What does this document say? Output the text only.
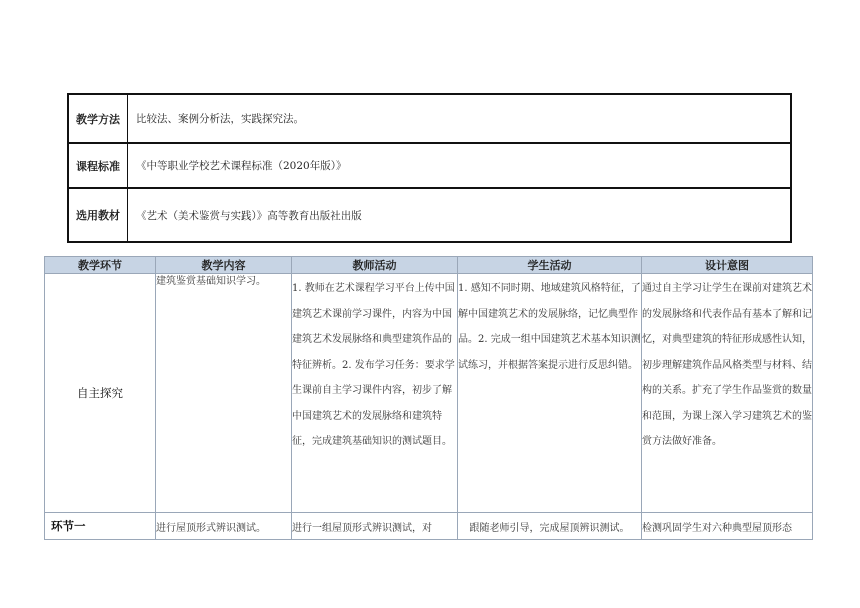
教学方法	比较法、案例分析法，实践探究法。
课程标准	《中等职业学校艺术课程标准（2020年版）》
选用教材	《艺术（美术鉴赏与实践）》高等教育出版社出版
教学环节	教学内容	教师活动	学生活动	设计意图
自主探究	建筑鉴赏基础知识学习。	1. 教师在艺术课程学习平台上传中国建筑艺术课前学习课件，内容为中国建筑艺术发展脉络和典型建筑作品的特征辨析。2. 发布学习任务：要求学生课前自主学习课件内容，初步了解中国建筑艺术的发展脉络和建筑特征，完成建筑基础知识的测试题目。	1. 感知不同时期、地域建筑风格特征，了解中国建筑艺术的发展脉络，记忆典型作品。2. 完成一组中国建筑艺术基本知识测试练习，并根据答案提示进行反思纠错。	通过自主学习让学生在课前对建筑艺术的发展脉络和代表作品有基本了解和记忆，对典型建筑的特征形成感性认知，初步理解建筑作品风格类型与材料、结构的关系。扩充了学生作品鉴赏的数量和范围，为课上深入学习建筑艺术的鉴赏方法做好准备。
环节一	进行屋顶形式辨识测试。	进行一组屋顶形式辨识测试，对	跟随老师引导，完成屋顶辨识测试。	检测巩固学生对六种典型屋顶形态
